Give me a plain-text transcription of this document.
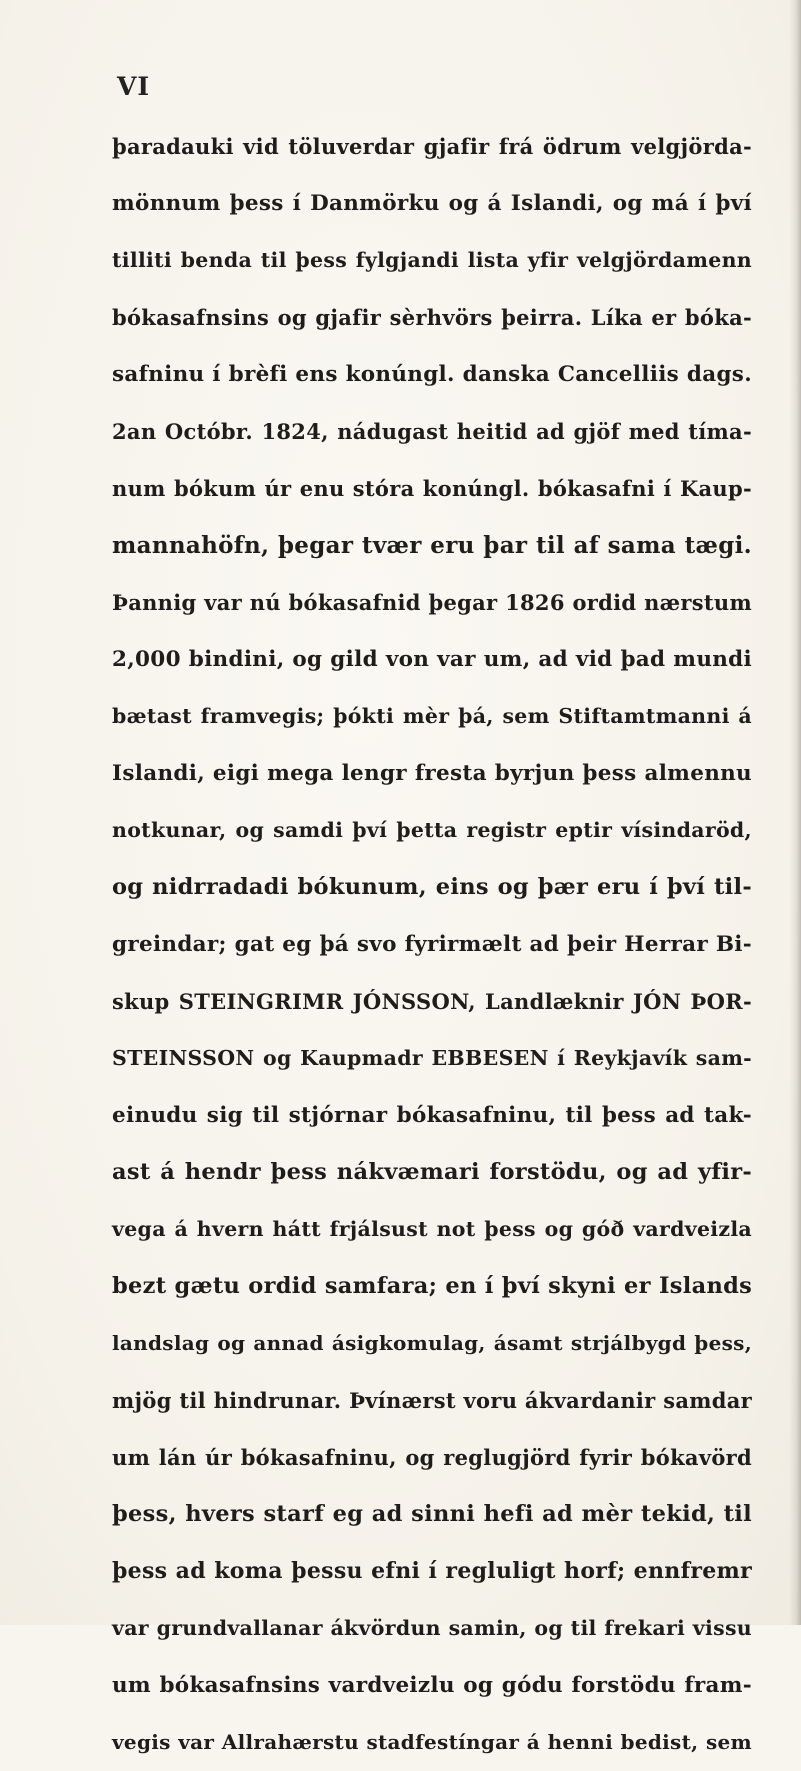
VI
þaradauki vid töluverdar gjafir frá ödrum velgjörda-
mönnum þess í Danmörku og á Islandi, og má í því
tilliti benda til þess fylgjandi lista yfir velgjördamenn
bókasafnsins og gjafir sèrhvörs þeirra. Líka er bóka-
safninu í brèfi ens konúngl. danska Cancelliis dags.
2an Octóbr. 1824, nádugast heitid ad gjöf med tíma-
num bókum úr enu stóra konúngl. bókasafni í Kaup-
mannahöfn, þegar tvær eru þar til af sama tægi.
Þannig var nú bókasafnid þegar 1826 ordid nærstum
2,000 bindini, og gild von var um, ad vid þad mundi
bætast framvegis; þókti mèr þá, sem Stiftamtmanni á
Islandi, eigi mega lengr fresta byrjun þess almennu
notkunar, og samdi því þetta registr eptir vísindaröd,
og nidrradadi bókunum, eins og þær eru í því til-
greindar; gat eg þá svo fyrirmælt ad þeir Herrar Bi-
skup STEINGRIMR JÓNSSON, Landlæknir JÓN ÞOR-
STEINSSON og Kaupmadr EBBESEN í Reykjavík sam-
einudu sig til stjórnar bókasafninu, til þess ad tak-
ast á hendr þess nákvæmari forstödu, og ad yfir-
vega á hvern hátt frjálsust not þess og góð vardveizla
bezt gætu ordid samfara; en í því skyni er Islands
landslag og annad ásigkomulag, ásamt strjálbygd þess,
mjög til hindrunar. Þvínærst voru ákvardanir samdar
um lán úr bókasafninu, og reglugjörd fyrir bókavörd
þess, hvers starf eg ad sinni hefi ad mèr tekid, til
þess ad koma þessu efni í regluligt horf; ennfremr
var grundvallanar ákvördun samin, og til frekari vissu
um bókasafnsins vardveizlu og gódu forstödu fram-
vegis var Allrahærstu stadfestíngar á henni bedist, sem
